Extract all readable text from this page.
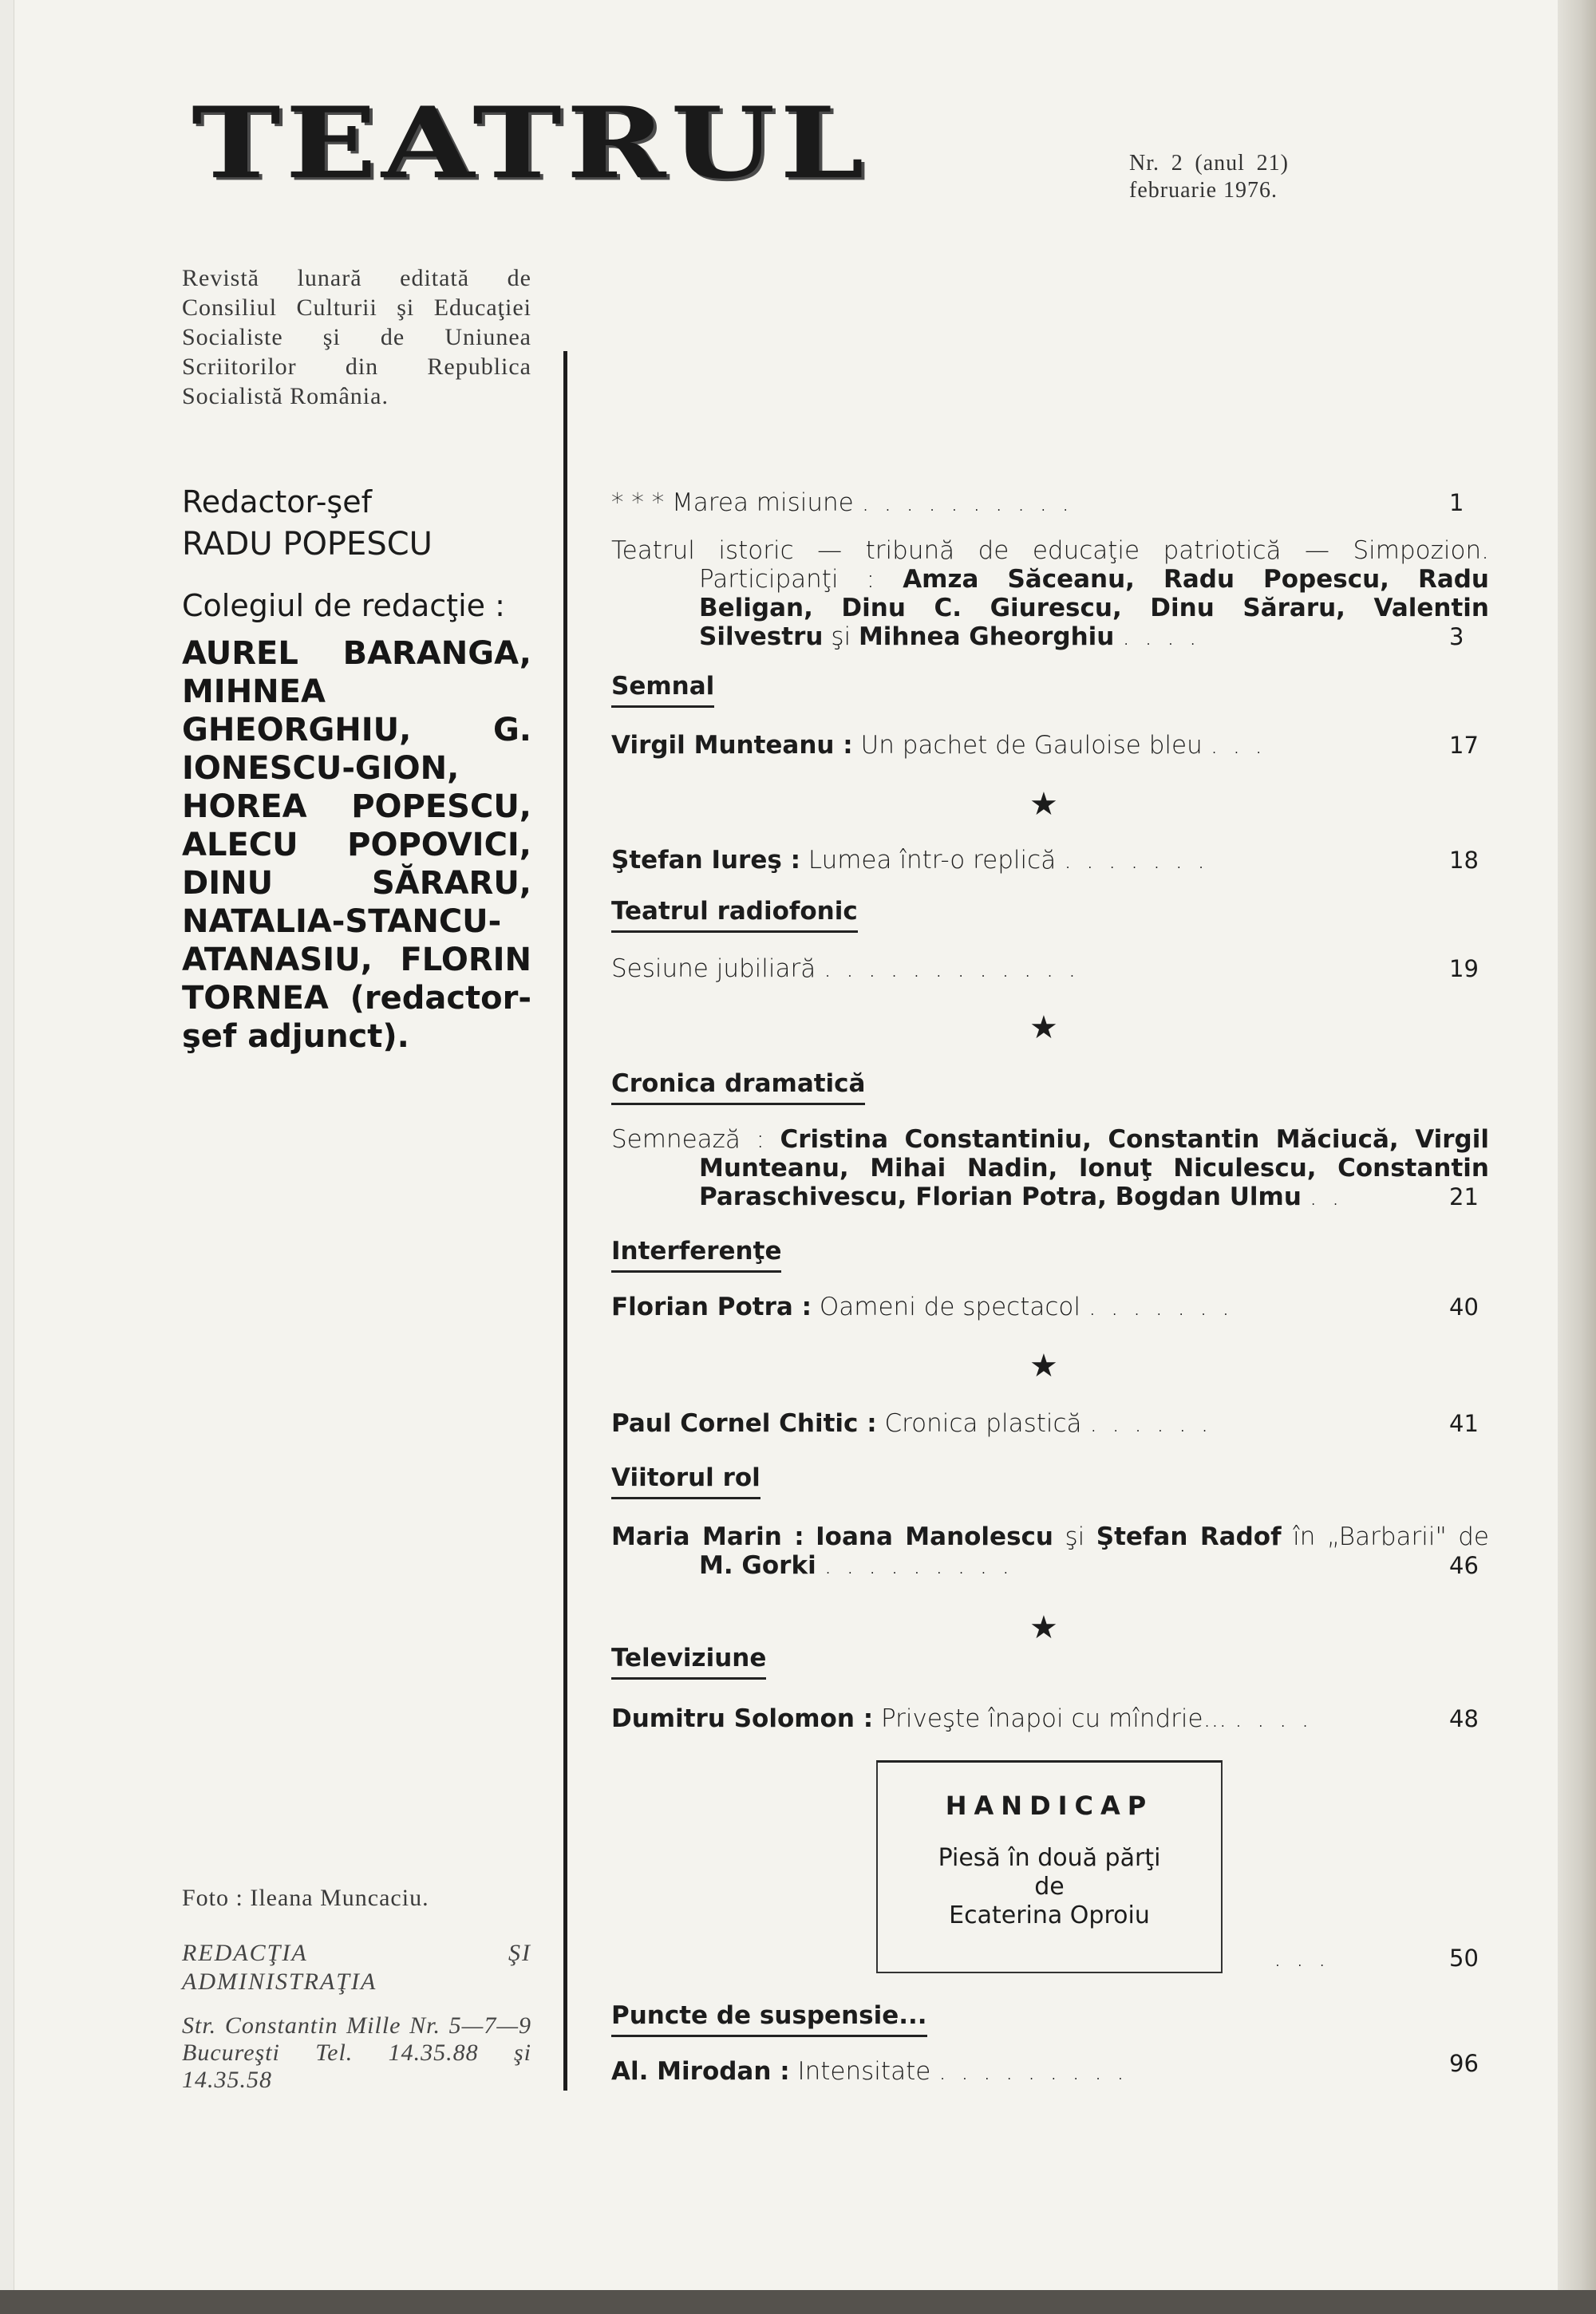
TEATRUL	Nr. 2 (anul 21) februarie 1976.
Revistă lunară editată de Consiliul Culturii şi Educaţiei Socialiste şi de Uniunea Scriitorilor din Republica Socialistă România.
Redactor-şef
RADU POPESCU
Colegiul de redacţie :
AUREL BARANGA, MIHNEA GHEORGHIU, G. IONESCU-GION, HOREA POPESCU, ALECU POPOVICI, DINU SĂRARU, NATALIA-STANCU-ATANASIU, FLORIN TORNEA (redactor-şef adjunct).
Foto : Ileana Muncaciu.
REDACŢIA ŞI ADMINISTRAŢIA
Str. Constantin Mille Nr. 5—7—9 Bucureşti Tel. 14.35.88 şi 14.35.58
* * * Marea misiune ..........	1
Teatrul istoric — tribună de educaţie patriotică — Simpozion. Participanţi : Amza Săceanu, Radu Popescu, Radu Beligan, Dinu C. Giurescu, Dinu Săraru, Valentin Silvestru şi Mihnea Gheorghiu ....	3
Semnal
Virgil Munteanu : Un pachet de Gauloise bleu ...	17
★
Ştefan Iureş : Lumea într-o replică .......	18
Teatrul radiofonic
Sesiune jubiliară ............	19
★
Cronica dramatică
Semnează : Cristina Constantiniu, Constantin Măciucă, Virgil Munteanu, Mihai Nadin, Ionuţ Niculescu, Constantin Paraschivescu, Florian Potra, Bogdan Ulmu ..	21
Interferenţe
Florian Potra : Oameni de spectacol .......	40
★
Paul Cornel Chitic : Cronica plastică ......	41
Viitorul rol
Maria Marin : Ioana Manolescu şi Ştefan Radof în „Barbarii" de M. Gorki .........	46
★
Televiziune
Dumitru Solomon : Priveşte înapoi cu mîndrie... ....	48
HANDICAP
Piesă în două părţi
de
Ecaterina Oproiu
...	50
Puncte de suspensie...
Al. Mirodan : Intensitate .........	96
